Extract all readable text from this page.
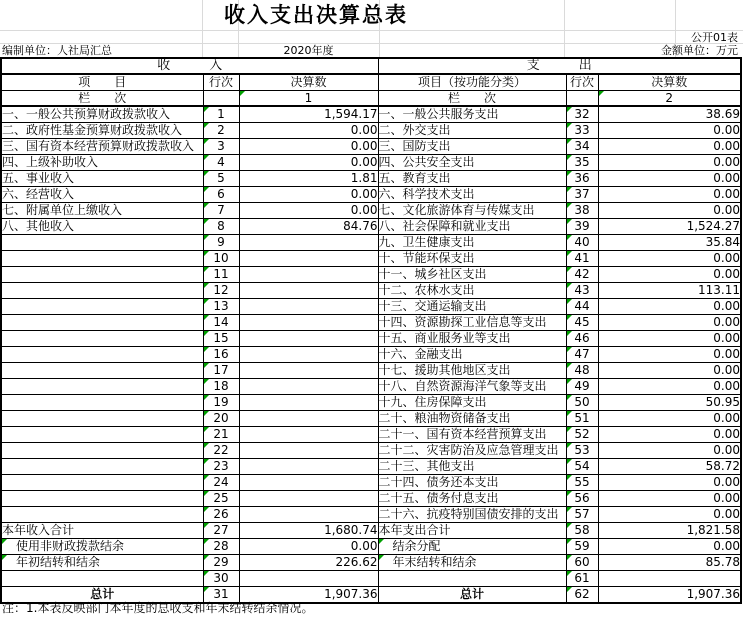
收入支出决算总表
公开01表
编制单位：人社局汇总	2020年度	金额单位：万元
收　　　入			支　　　出		
项　　目	行次	决算数	项目（按功能分类）	行次	决算数
栏　　次		1	栏　　次		2
一、一般公共预算财政拨款收入	1	1,594.17	一、一般公共服务支出	32	38.69
二、政府性基金预算财政拨款收入	2	0.00	二、外交支出	33	0.00
三、国有资本经营预算财政拨款收入	3	0.00	三、国防支出	34	0.00
四、上级补助收入	4	0.00	四、公共安全支出	35	0.00
五、事业收入	5	1.81	五、教育支出	36	0.00
六、经营收入	6	0.00	六、科学技术支出	37	0.00
七、附属单位上缴收入	7	0.00	七、文化旅游体育与传媒支出	38	0.00
八、其他收入	8	84.76	八、社会保障和就业支出	39	1,524.27
	9		九、卫生健康支出	40	35.84
	10		十、节能环保支出	41	0.00
	11		十一、城乡社区支出	42	0.00
	12		十二、农林水支出	43	113.11
	13		十三、交通运输支出	44	0.00
	14		十四、资源勘探工业信息等支出	45	0.00
	15		十五、商业服务业等支出	46	0.00
	16		十六、金融支出	47	0.00
	17		十七、援助其他地区支出	48	0.00
	18		十八、自然资源海洋气象等支出	49	0.00
	19		十九、住房保障支出	50	50.95
	20		二十、粮油物资储备支出	51	0.00
	21		二十一、国有资本经营预算支出	52	0.00
	22		二十二、灾害防治及应急管理支出	53	0.00
	23		二十三、其他支出	54	58.72
	24		二十四、债务还本支出	55	0.00
	25		二十五、债务付息支出	56	0.00
	26		二十六、抗疫特别国债安排的支出	57	0.00
本年收入合计	27	1,680.74	本年支出合计	58	1,821.58
使用非财政拨款结余	28	0.00	结余分配	59	0.00
年初结转和结余	29	226.62	年末结转和结余	60	85.78
	30			61	
总计	31	1,907.36	总计	62	1,907.36
注：1.本表反映部门本年度的总收支和年末结转结余情况。
